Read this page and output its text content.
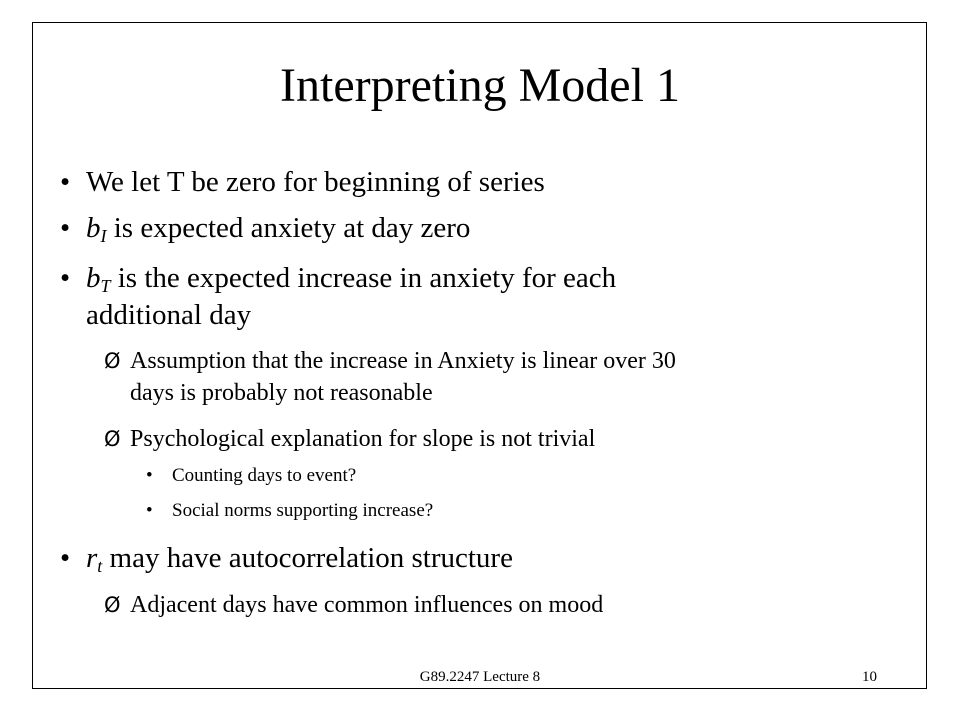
Interpreting Model 1
• We let T be zero for beginning of series
• $b_I$ is expected anxiety at day zero
• $b_T$ is the expected increase in anxiety for each
additional day
Ø Assumption that the increase in Anxiety is linear over 30
days is probably not reasonable
Ø Psychological explanation for slope is not trivial
• Counting days to event?
• Social norms supporting increase?
• $r_t$ may have autocorrelation structure
Ø Adjacent days have common influences on mood
G89.2247 Lecture 8	10
